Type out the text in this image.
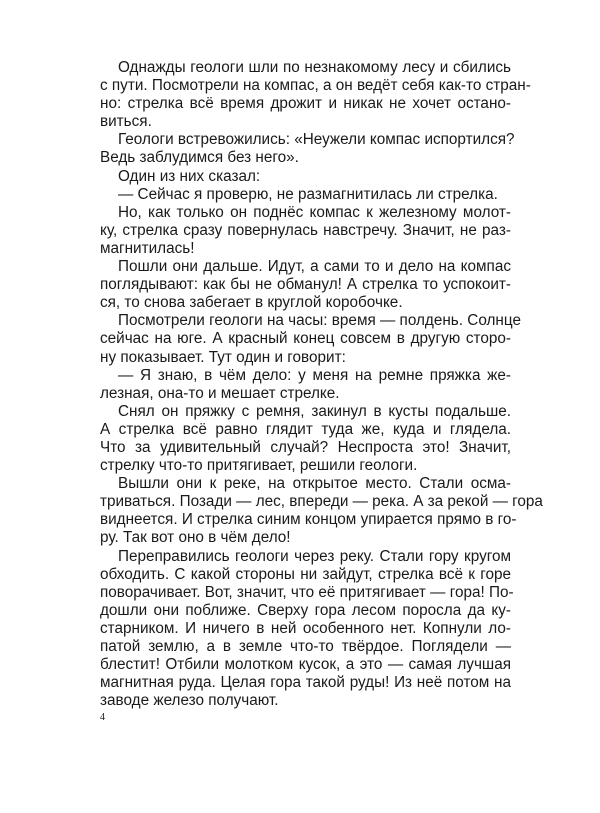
Однажды геологи шли по незнакомому лесу и сбились
с пути. Посмотрели на компас, а он ведёт себя как-то стран-
но: стрелка всё время дрожит и никак не хочет остано-
виться.
Геологи встревожились: «Неужели компас испортился?
Ведь заблудимся без него».
Один из них сказал:
— Сейчас я проверю, не размагнитилась ли стрелка.
Но, как только он поднёс компас к железному молот-
ку, стрелка сразу повернулась навстречу. Значит, не раз-
магнитилась!
Пошли они дальше. Идут, а сами то и дело на компас
поглядывают: как бы не обманул! А стрелка то успокоит-
ся, то снова забегает в круглой коробочке.
Посмотрели геологи на часы: время — полдень. Солнце
сейчас на юге. А красный конец совсем в другую сторо-
ну показывает. Тут один и говорит:
— Я знаю, в чём дело: у меня на ремне пряжка же-
лезная, она-то и мешает стрелке.
Снял он пряжку с ремня, закинул в кусты подальше.
А стрелка всё равно глядит туда же, куда и глядела.
Что за удивительный случай? Неспроста это! Значит,
стрелку что-то притягивает, решили геологи.
Вышли они к реке, на открытое место. Стали осма-
триваться. Позади — лес, впереди — река. А за рекой — гора
виднеется. И стрелка синим концом упирается прямо в го-
ру. Так вот оно в чём дело!
Переправились геологи через реку. Стали гору кругом
обходить. С какой стороны ни зайдут, стрелка всё к горе
поворачивает. Вот, значит, что её притягивает — гора! По-
дошли они поближе. Сверху гора лесом поросла да ку-
старником. И ничего в ней особенного нет. Копнули ло-
патой землю, а в земле что-то твёрдое. Поглядели —
блестит! Отбили молотком кусок, а это — самая лучшая
магнитная руда. Целая гора такой руды! Из неё потом на
заводе железо получают.
4
